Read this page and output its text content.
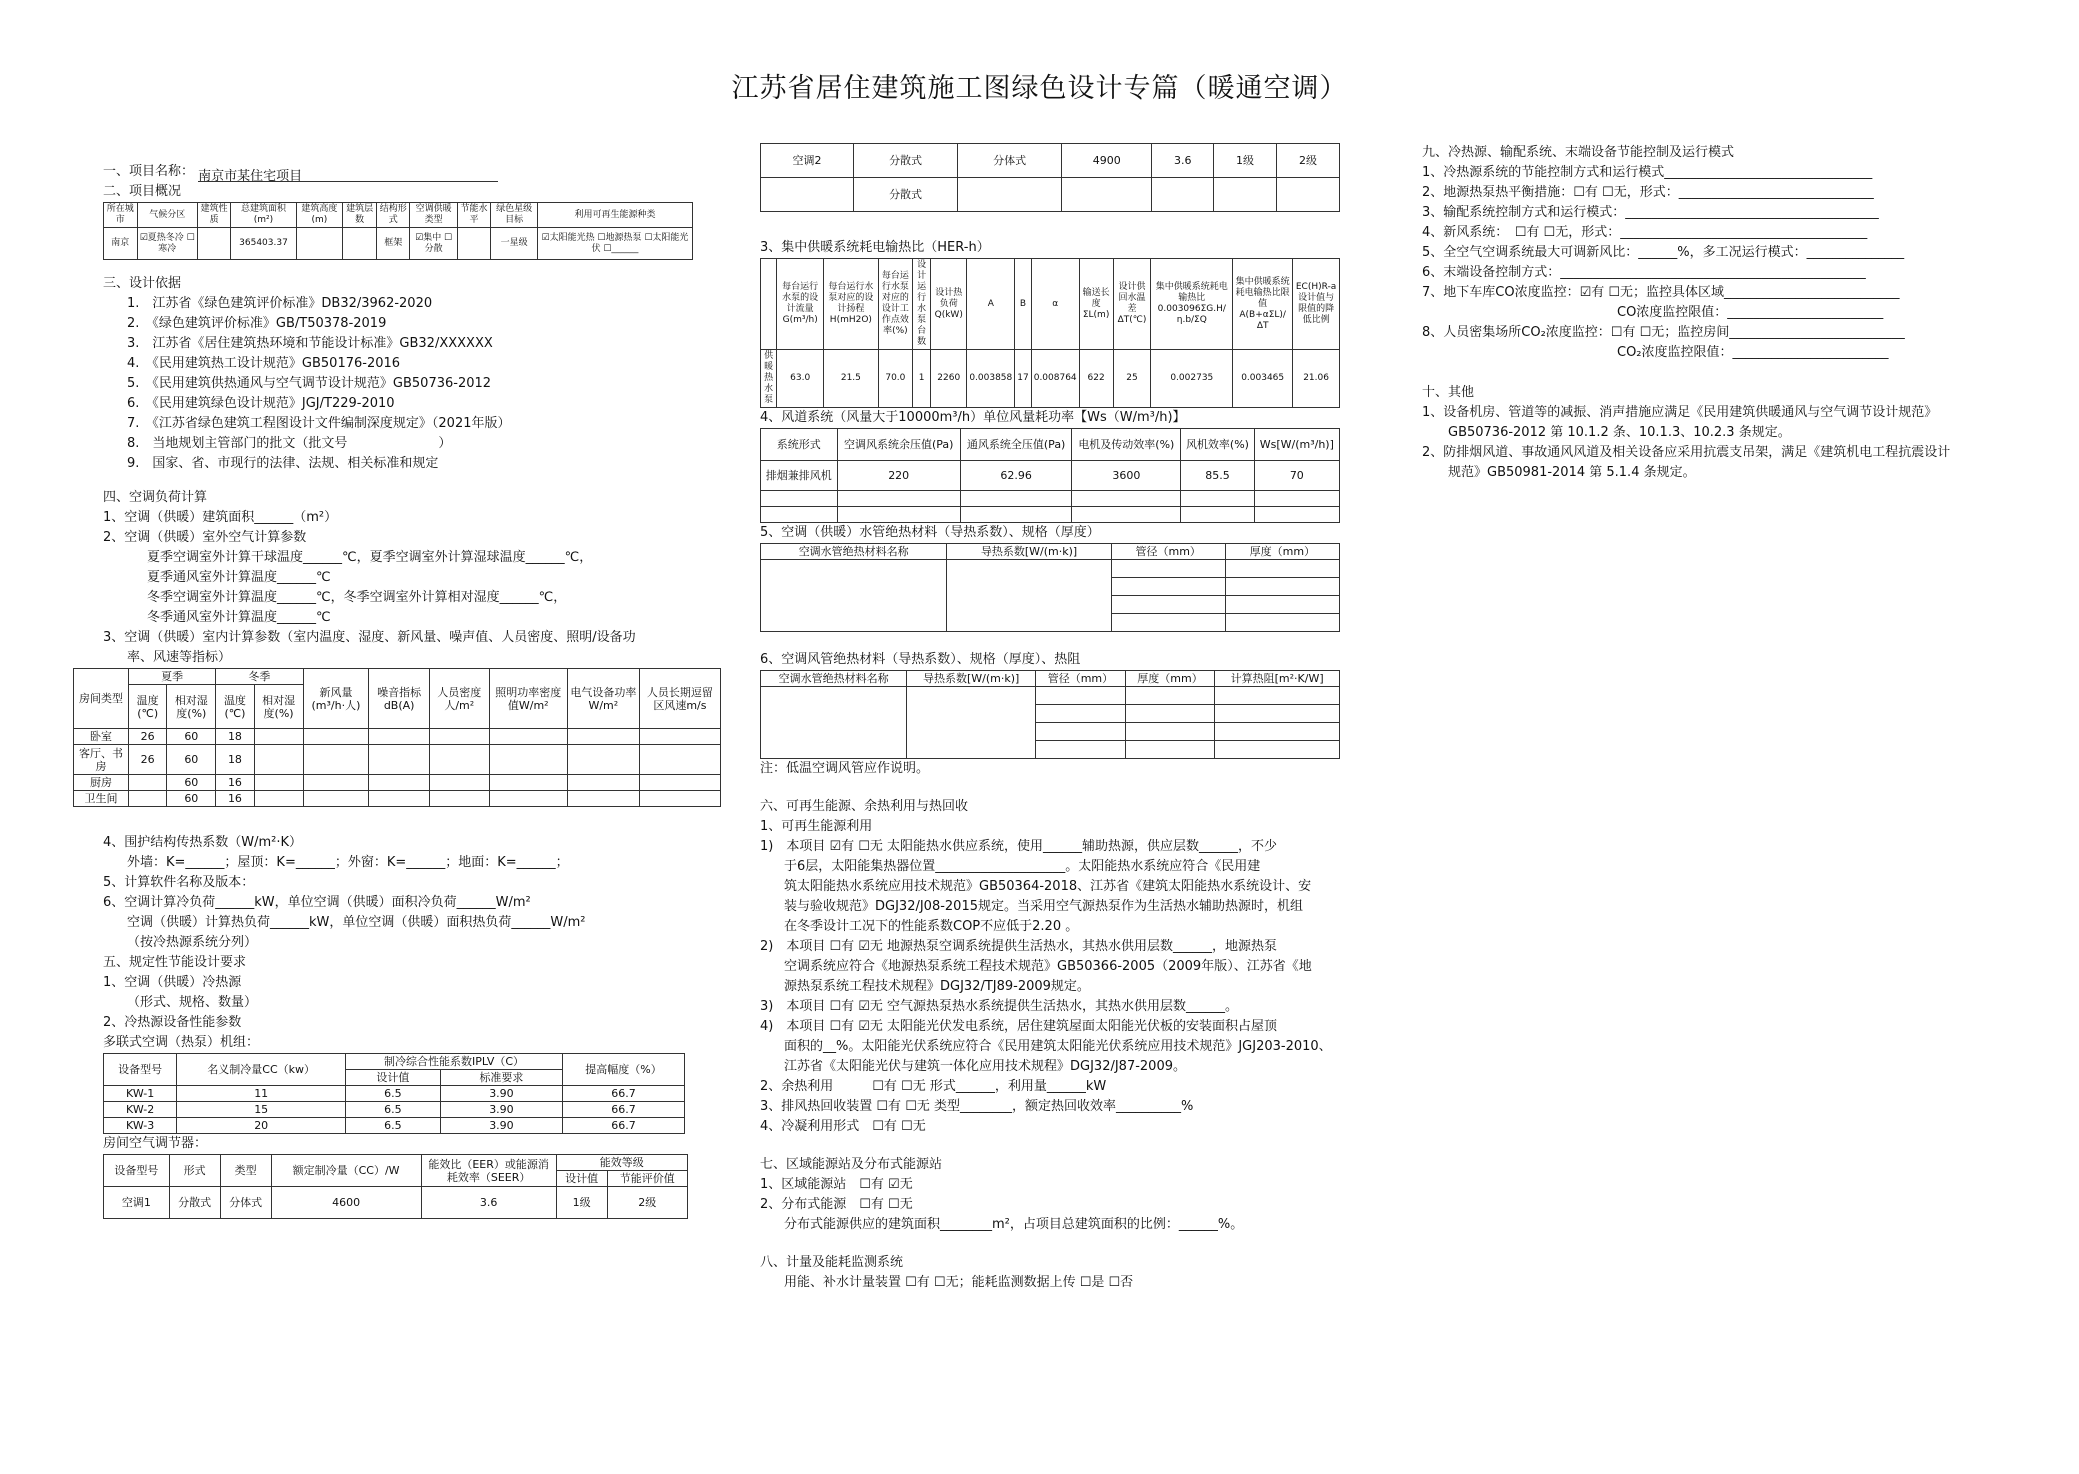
江苏省居住建筑施工图绿色设计专篇（暖通空调）
一、项目名称： 南京市某住宅项目
二、项目概况
所在城市	气候分区	建筑性质	总建筑面积(m²)	建筑高度(m)	建筑层数	结构形式	空调供暖类型	节能水平	绿色星级目标	利用可再生能源种类
南京	☑夏热冬冷 ☐寒冷		365403.37			框架	☑集中 ☐分散		一星级	☑太阳能光热 ☐地源热泵 ☐太阳能光伏 ☐______
三、设计依据
1.　江苏省《绿色建筑评价标准》DB32/3962-2020
2.　《绿色建筑评价标准》GB/T50378-2019
3.　江苏省《居住建筑热环境和节能设计标准》GB32/XXXXXX
4.　《民用建筑热工设计规范》GB50176-2016
5.　《民用建筑供热通风与空气调节设计规范》GB50736-2012
6.　《民用建筑绿色设计规范》JGJ/T229-2010
7.　《江苏省绿色建筑工程图设计文件编制深度规定》（2021年版）
8.　当地规划主管部门的批文（批文号　　　　　　　）
9.　国家、省、市现行的法律、法规、相关标准和规定
四、空调负荷计算
1、空调（供暖）建筑面积______（m²）
2、空调（供暖）室外空气计算参数
夏季空调室外计算干球温度______℃，夏季空调室外计算湿球温度______℃，
夏季通风室外计算温度______℃
冬季空调室外计算温度______℃，冬季空调室外计算相对湿度______℃，
冬季通风室外计算温度______℃
3、空调（供暖）室内计算参数（室内温度、湿度、新风量、噪声值、人员密度、照明/设备功
率、风速等指标）
房间类型	夏季		冬季		新风量(m³/h·人)	噪音指标dB(A)	人员密度人/m²	照明功率密度值W/m²	电气设备功率W/m²	人员长期逗留区风速m/s
	温度(℃)	相对湿度(%)	温度(℃)	相对湿度(%)						
卧室	26	60	18							
客厅、书房	26	60	18							
厨房		60	16							
卫生间		60	16							
4、围护结构传热系数（W/m²·K）
外墙：K=______；屋顶：K=______；外窗：K=______；地面：K=______；
5、计算软件名称及版本：
6、空调计算冷负荷______kW，单位空调（供暖）面积冷负荷______W/m²
空调（供暖）计算热负荷______kW，单位空调（供暖）面积热负荷______W/m²
（按冷热源系统分列）
五、规定性节能设计要求
1、空调（供暖）冷热源
（形式、规格、数量）
2、冷热源设备性能参数
多联式空调（热泵）机组：
设备型号	名义制冷量CC（kw）	制冷综合性能系数IPLV（C）		提高幅度（%）
		设计值	标准要求	
KW-1	11	6.5	3.90	66.7
KW-2	15	6.5	3.90	66.7
KW-3	20	6.5	3.90	66.7
房间空气调节器：
设备型号	形式	类型	额定制冷量（CC）/W	能效比（EER）或能源消耗效率（SEER）	能效等级	
					设计值	节能评价值
空调1	分散式	分体式	4600	3.6	1级	2级
空调2	分散式	分体式	4900	3.6	1级	2级
	分散式					
3、集中供暖系统耗电输热比（HER-h）
	每台运行水泵的设计流量G(m³/h)	每台运行水泵对应的设计扬程H(mH2O)	每台运行水泵对应的设计工作点效率(%)	设计运行水泵台数	设计热负荷Q(kW)	A	B	α	输送长度ΣL(m)	设计供回水温差ΔT(℃)	集中供暖系统耗电输热比0.003096ΣG.H/η.b/ΣQ	集中供暖系统耗电输热比限值A(B+αΣL)/ΔT	EC(H)R-a设计值与限值的降低比例
供暖热水泵	63.0	21.5	70.0	1	2260	0.003858	17	0.008764	622	25	0.002735	0.003465	21.06
4、风道系统（风量大于10000m³/h）单位风量耗功率【Ws（W/m³/h)】
系统形式	空调风系统余压值(Pa)	通风系统全压值(Pa)	电机及传动效率(%)	风机效率(%)	Ws[W/(m³/h)]
排烟兼排风机	220	62.96	3600	85.5	70

5、空调（供暖）水管绝热材料（导热系数）、规格（厚度）
空调水管绝热材料名称	导热系数[W/(m·k)]	管径（mm）	厚度（mm）

6、空调风管绝热材料（导热系数）、规格（厚度）、热阻
空调水管绝热材料名称	导热系数[W/(m·k)]	管径（mm）	厚度（mm）	计算热阻[m²·K/W]

注：低温空调风管应作说明。
六、可再生能源、余热利用与热回收
1、可再生能源利用
1)　本项目 ☑有 ☐无 太阳能热水供应系统，使用______辅助热源，供应层数______，不少
于6层，太阳能集热器位置____________________。太阳能热水系统应符合《民用建
筑太阳能热水系统应用技术规范》GB50364-2018、江苏省《建筑太阳能热水系统设计、安
装与验收规范》DGJ32/J08-2015规定。当采用空气源热泵作为生活热水辅助热源时，机组
在冬季设计工况下的性能系数COP不应低于2.20 。
2)　本项目 ☐有 ☑无 地源热泵空调系统提供生活热水，其热水供用层数______，地源热泵
空调系统应符合《地源热泵系统工程技术规范》GB50366-2005（2009年版）、江苏省《地
源热泵系统工程技术规程》DGJ32/TJ89-2009规定。
3)　本项目 ☐有 ☑无 空气源热泵热水系统提供生活热水，其热水供用层数______。
4)　本项目 ☐有 ☑无 太阳能光伏发电系统，居住建筑屋面太阳能光伏板的安装面积占屋顶
面积的__%。太阳能光伏系统应符合《民用建筑太阳能光伏系统应用技术规范》JGJ203-2010、
江苏省《太阳能光伏与建筑一体化应用技术规程》DGJ32/J87-2009。
2、余热利用　　　☐有 ☐无 形式______，利用量______kW
3、排风热回收装置 ☐有 ☐无 类型________，额定热回收效率__________%
4、冷凝利用形式　☐有 ☐无
七、区域能源站及分布式能源站
1、区域能源站　☐有 ☑无
2、分布式能源　☐有 ☐无
分布式能源供应的建筑面积________m²，占项目总建筑面积的比例：______%。
八、计量及能耗监测系统
用能、补水计量装置 ☐有 ☐无；能耗监测数据上传 ☐是 ☐否
九、冷热源、输配系统、末端设备节能控制及运行模式
1、冷热源系统的节能控制方式和运行模式________________________________
2、地源热泵热平衡措施：☐有 ☐无，形式：______________________________
3、输配系统控制方式和运行模式：_______________________________________
4、新风系统：　☐有 ☐无，形式：______________________________________
5、全空气空调系统最大可调新风比：______%，多工况运行模式：_______________
6、末端设备控制方式：_______________________________________________
7、地下车库CO浓度监控：☑有 ☐无；监控具体区域___________________________
　　　　　　　　　　　　　　　CO浓度监控限值：________________________
8、人员密集场所CO₂浓度监控：☐有 ☐无；监控房间___________________________
　　　　　　　　　　　　　　　CO₂浓度监控限值：________________________
十、其他
1、设备机房、管道等的减振、消声措施应满足《民用建筑供暖通风与空气调节设计规范》
　　GB50736-2012 第 10.1.2 条、10.1.3、10.2.3 条规定。
2、防排烟风道、事故通风风道及相关设备应采用抗震支吊架，满足《建筑机电工程抗震设计
　　规范》GB50981-2014 第 5.1.4 条规定。
